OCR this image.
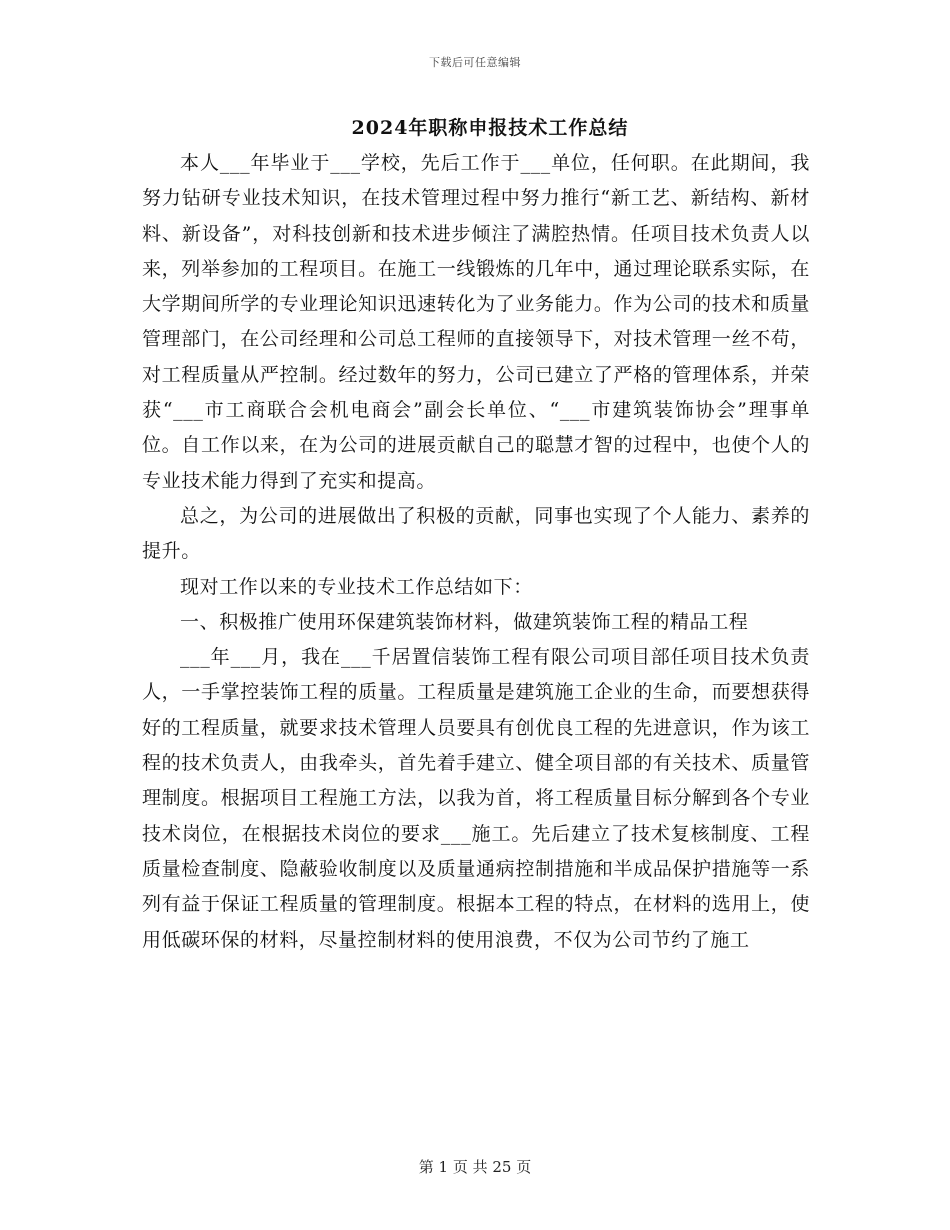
下载后可任意编辑
2024年职称申报技术工作总结

本人___年毕业于___学校，先后工作于___单位，任何职。在此期间，我努力钻研专业技术知识，在技术管理过程中努力推行“新工艺、新结构、新材料、新设备”，对科技创新和技术进步倾注了满腔热情。任项目技术负责人以来，列举参加的工程项目。在施工一线锻炼的几年中，通过理论联系实际，在大学期间所学的专业理论知识迅速转化为了业务能力。作为公司的技术和质量管理部门，在公司经理和公司总工程师的直接领导下，对技术管理一丝不苟，对工程质量从严控制。经过数年的努力，公司已建立了严格的管理体系，并荣获“___市工商联合会机电商会”副会长单位、“___市建筑装饰协会”理事单位。自工作以来，在为公司的进展贡献自己的聪慧才智的过程中，也使个人的专业技术能力得到了充实和提高。

总之，为公司的进展做出了积极的贡献，同事也实现了个人能力、素养的提升。

现对工作以来的专业技术工作总结如下：

一、积极推广使用环保建筑装饰材料，做建筑装饰工程的精品工程

___年___月，我在___千居置信装饰工程有限公司项目部任项目技术负责人，一手掌控装饰工程的质量。工程质量是建筑施工企业的生命，而要想获得好的工程质量，就要求技术管理人员要具有创优良工程的先进意识，作为该工程的技术负责人，由我牵头，首先着手建立、健全项目部的有关技术、质量管理制度。根据项目工程施工方法，以我为首，将工程质量目标分解到各个专业技术岗位，在根据技术岗位的要求___施工。先后建立了技术复核制度、工程质量检查制度、隐蔽验收制度以及质量通病控制措施和半成品保护措施等一系列有益于保证工程质量的管理制度。根据本工程的特点，在材料的选用上，使用低碳环保的材料，尽量控制材料的使用浪费，不仅为公司节约了施工

第 1 页 共 25 页
